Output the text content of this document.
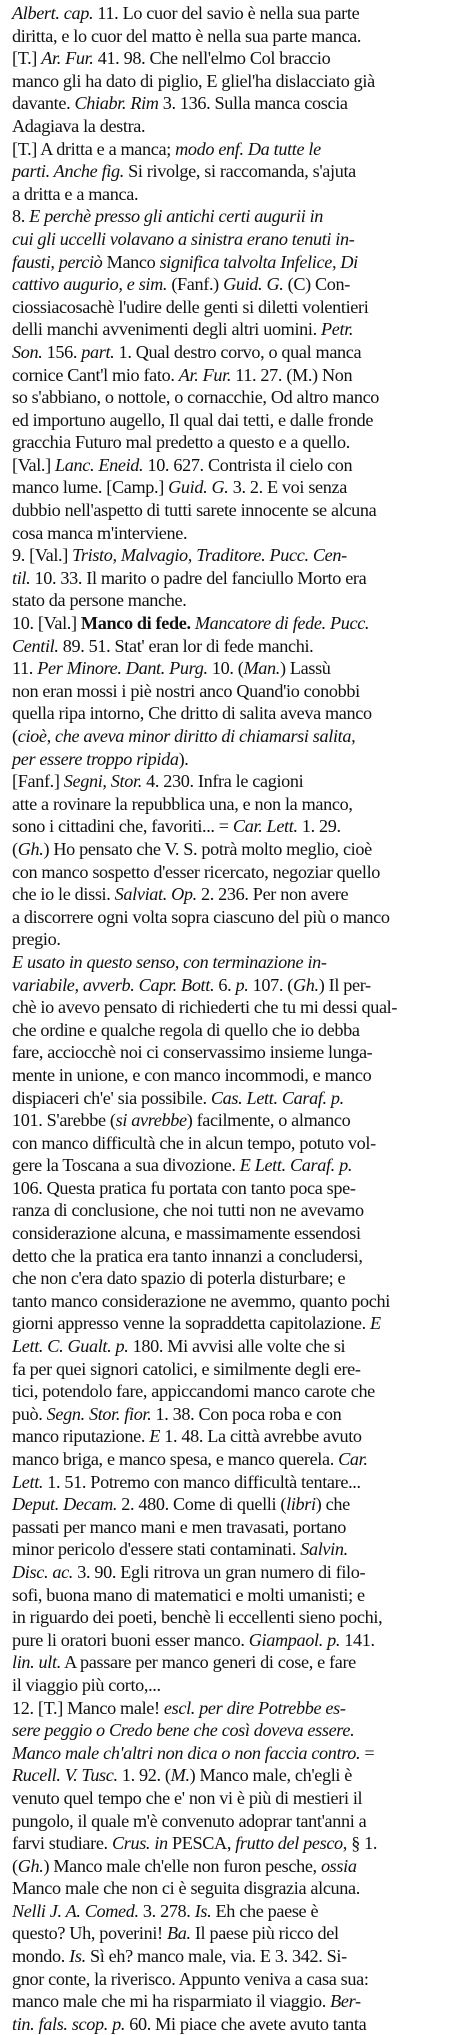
Albert. cap. 11. Lo cuor del savio è nella sua parte
diritta, e lo cuor del matto è nella sua parte manca.
[T.] Ar. Fur. 41. 98. Che nell'elmo Col braccio
manco gli ha dato di piglio, E gliel'ha dislacciato già
davante. Chiabr. Rim 3. 136. Sulla manca coscia
Adagiava la destra.
[T.] A dritta e a manca; modo enf. Da tutte le
parti. Anche fig. Si rivolge, si raccomanda, s'ajuta
a dritta e a manca.
8. E perchè presso gli antichi certi augurii in
cui gli uccelli volavano a sinistra erano tenuti in-
fausti, perciò Manco significa talvolta Infelice, Di
cattivo augurio, e sim. (Fanf.) Guid. G. (C) Con-
ciossiacosachè l'udire delle genti si diletti volentieri
delli manchi avvenimenti degli altri uomini. Petr.
Son. 156. part. 1. Qual destro corvo, o qual manca
cornice Cant'l mio fato. Ar. Fur. 11. 27. (M.) Non
so s'abbiano, o nottole, o cornacchie, Od altro manco
ed importuno augello, Il qual dai tetti, e dalle fronde
gracchia Futuro mal predetto a questo e a quello.
[Val.] Lanc. Eneid. 10. 627. Contrista il cielo con
manco lume. [Camp.] Guid. G. 3. 2. E voi senza
dubbio nell'aspetto di tutti sarete innocente se alcuna
cosa manca m'interviene.
9. [Val.] Tristo, Malvagio, Traditore. Pucc. Cen-
til. 10. 33. Il marito o padre del fanciullo Morto era
stato da persone manche.
10. [Val.] Manco di fede. Mancatore di fede. Pucc.
Centil. 89. 51. Stat' eran lor di fede manchi.
11. Per Minore. Dant. Purg. 10. (Man.) Lassù
non eran mossi i piè nostri anco Quand'io conobbi
quella ripa intorno, Che dritto di salita aveva manco
(cioè, che aveva minor diritto di chiamarsi salita,
per essere troppo ripida).
[Fanf.] Segni, Stor. 4. 230. Infra le cagioni
atte a rovinare la repubblica una, e non la manco,
sono i cittadini che, favoriti... = Car. Lett. 1. 29.
(Gh.) Ho pensato che V. S. potrà molto meglio, cioè
con manco sospetto d'esser ricercato, negoziar quello
che io le dissi. Salviat. Op. 2. 236. Per non avere
a discorrere ogni volta sopra ciascuno del più o manco
pregio.
E usato in questo senso, con terminazione in-
variabile, avverb. Capr. Bott. 6. p. 107. (Gh.) Il per-
chè io avevo pensato di richiederti che tu mi dessi qual-
che ordine e qualche regola di quello che io debba
fare, acciocchè noi ci conservassimo insieme lunga-
mente in unione, e con manco incommodi, e manco
dispiaceri ch'e' sia possibile. Cas. Lett. Caraf. p.
101. S'arebbe (si avrebbe) facilmente, o almanco
con manco difficultà che in alcun tempo, potuto vol-
gere la Toscana a sua divozione. E Lett. Caraf. p.
106. Questa pratica fu portata con tanto poca spe-
ranza di conclusione, che noi tutti non ne avevamo
considerazione alcuna, e massimamente essendosi
detto che la pratica era tanto innanzi a concludersi,
che non c'era dato spazio di poterla disturbare; e
tanto manco considerazione ne avemmo, quanto pochi
giorni appresso venne la sopraddetta capitolazione. E
Lett. C. Gualt. p. 180. Mi avvisi alle volte che si
fa per quei signori catolici, e similmente degli ere-
tici, potendolo fare, appiccandomi manco carote che
può. Segn. Stor. fior. 1. 38. Con poca roba e con
manco riputazione. E 1. 48. La città avrebbe avuto
manco briga, e manco spesa, e manco querela. Car.
Lett. 1. 51. Potremo con manco difficultà tentare...
Deput. Decam. 2. 480. Come di quelli (libri) che
passati per manco mani e men travasati, portano
minor pericolo d'essere stati contaminati. Salvin.
Disc. ac. 3. 90. Egli ritrova un gran numero di filo-
sofi, buona mano di matematici e molti umanisti; e
in riguardo dei poeti, benchè li eccellenti sieno pochi,
pure li oratori buoni esser manco. Giampaol. p. 141.
lin. ult. A passare per manco generi di cose, e fare
il viaggio più corto,...
12. [T.] Manco male! escl. per dire Potrebbe es-
sere peggio o Credo bene che così doveva essere.
Manco male ch'altri non dica o non faccia contro. =
Rucell. V. Tusc. 1. 92. (M.) Manco male, ch'egli è
venuto quel tempo che e' non vi è più di mestieri il
pungolo, il quale m'è convenuto adoprar tant'anni a
farvi studiare. Crus. in PESCA, frutto del pesco, § 1.
(Gh.) Manco male ch'elle non furon pesche, ossia
Manco male che non ci è seguita disgrazia alcuna.
Nelli J. A. Comed. 3. 278. Is. Eh che paese è
questo? Uh, poverini! Ba. Il paese più ricco del
mondo. Is. Sì eh? manco male, via. E 3. 342. Si-
gnor conte, la riverisco. Appunto veniva a casa sua:
manco male che mi ha risparmiato il viaggio. Ber-
tin. fals. scop. p. 60. Mi piace che avete avuto tanta
